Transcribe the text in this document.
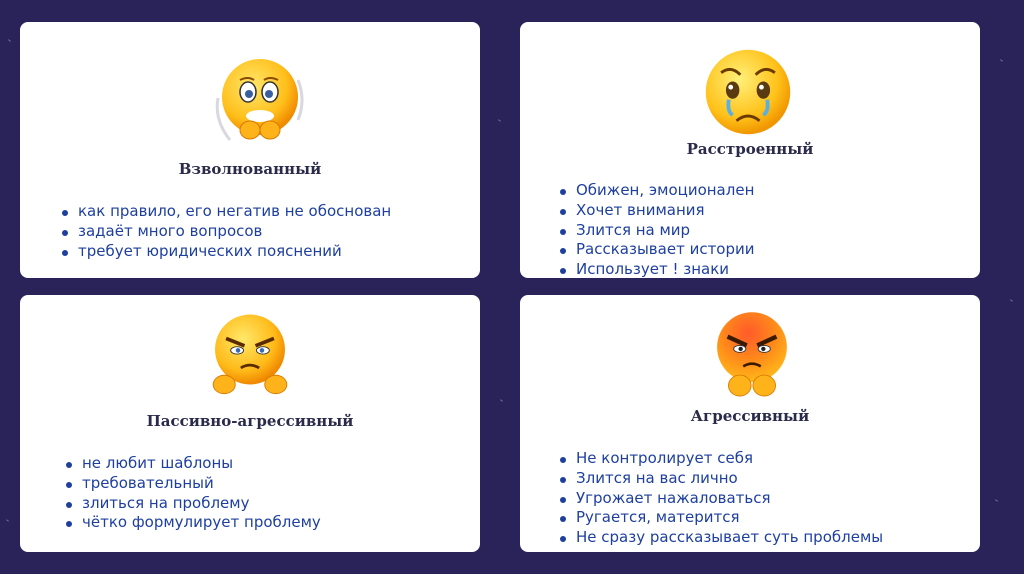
Взволнованный
как правило, его негатив не обоснован
задаёт много вопросов
требует юридических пояснений
Расстроенный
Обижен, эмоционален
Хочет внимания
Злится на мир
Рассказывает истории
Использует ! знаки
Пассивно-агрессивный
не любит шаблоны
требовательный
злиться на проблему
чётко формулирует проблему
Агрессивный
Не контролирует себя
Злится на вас лично
Угрожает нажаловаться
Ругается, матерится
Не сразу рассказывает суть проблемы
